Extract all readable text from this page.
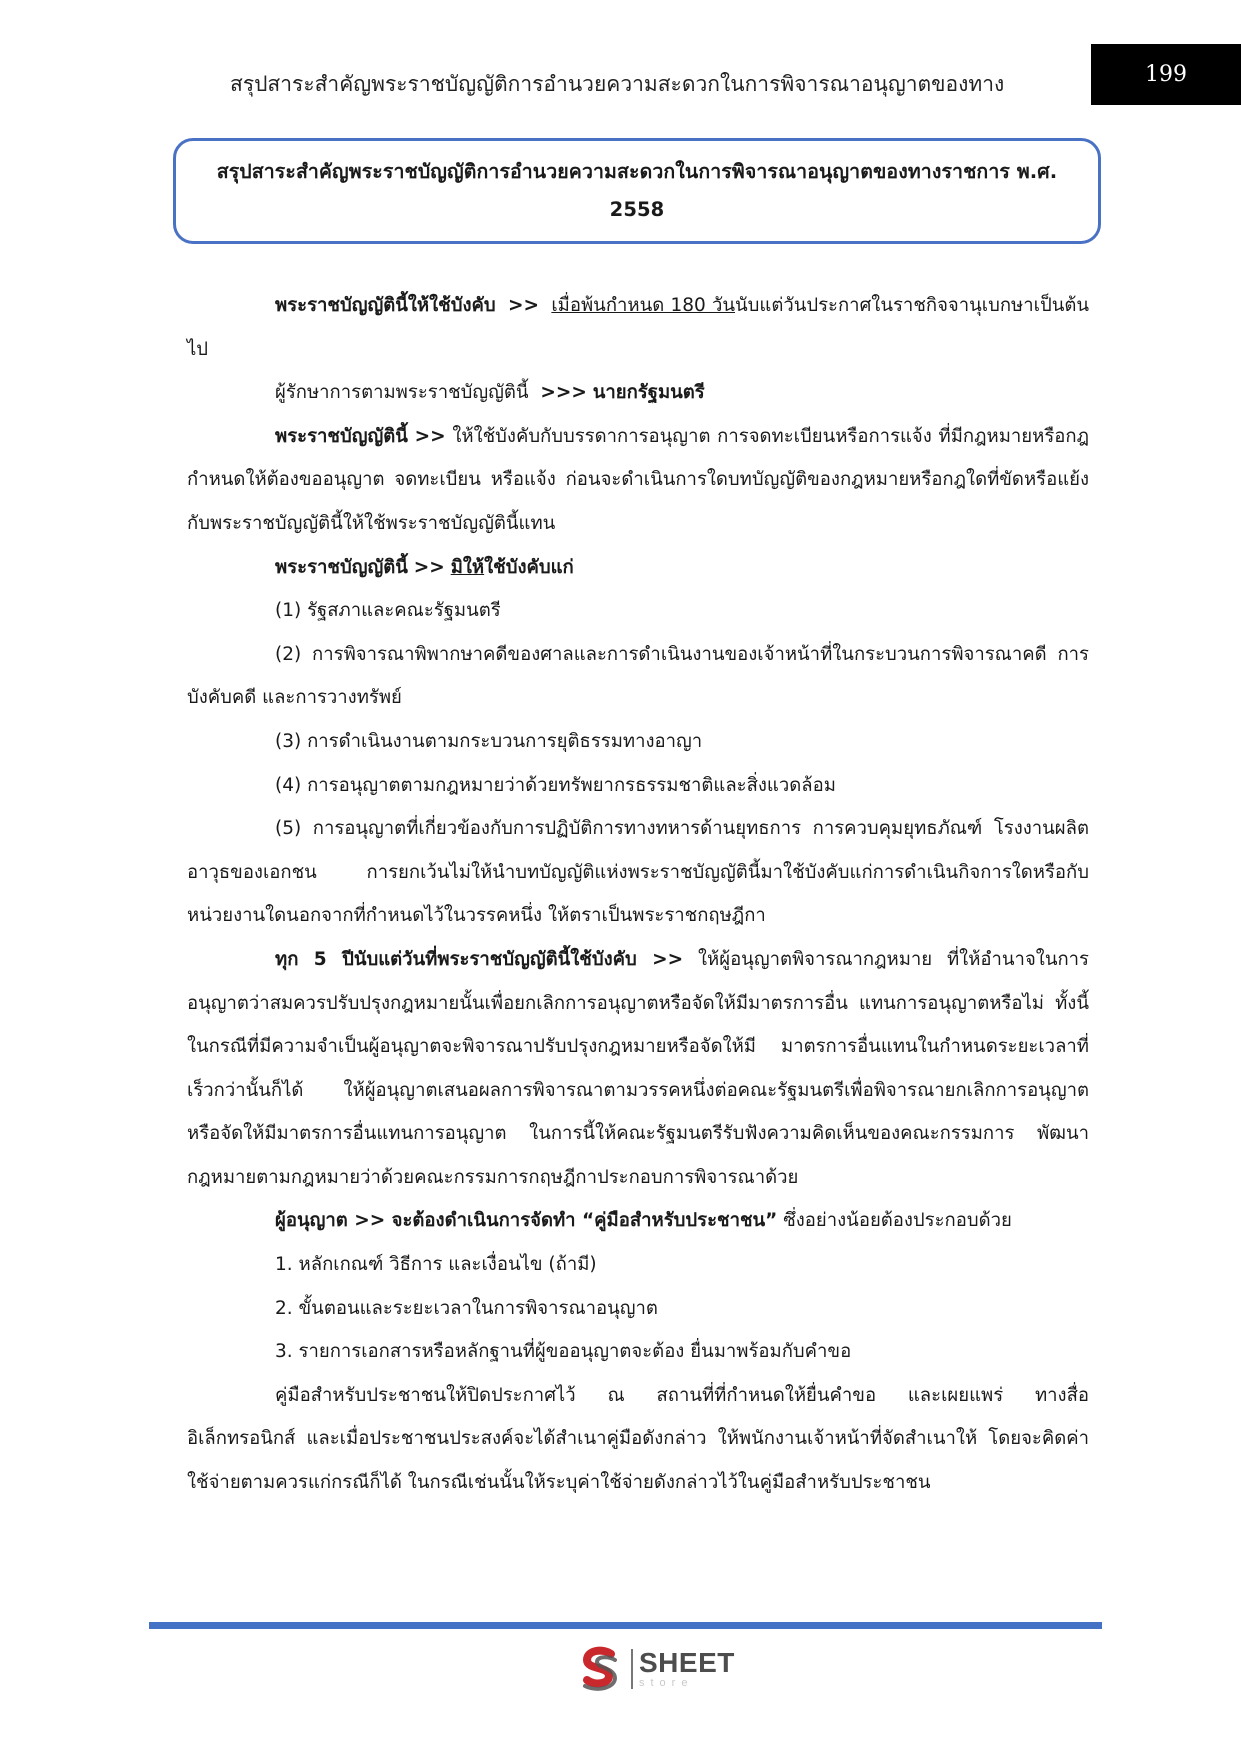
สรุปสาระสำคัญพระราชบัญญัติการอำนวยความสะดวกในการพิจารณาอนุญาตของทาง	199

สรุปสาระสำคัญพระราชบัญญัติการอำนวยความสะดวกในการพิจารณาอนุญาตของทางราชการ พ.ศ.
2558

พระราชบัญญัตินี้ให้ใช้บังคับ >> เมื่อพ้นกำหนด 180 วันนับแต่วันประกาศในราชกิจจานุเบกษาเป็นต้นไป

ผู้รักษาการตามพระราชบัญญัตินี้ >>> นายกรัฐมนตรี

พระราชบัญญัตินี้ >> ให้ใช้บังคับกับบรรดาการอนุญาต การจดทะเบียนหรือการแจ้ง ที่มีกฎหมายหรือกฎกำหนดให้ต้องขออนุญาต จดทะเบียน หรือแจ้ง ก่อนจะดำเนินการใดบทบัญญัติของกฎหมายหรือกฎใดที่ขัดหรือแย้งกับพระราชบัญญัตินี้ให้ใช้พระราชบัญญัตินี้แทน

พระราชบัญญัตินี้ >> มิให้ใช้บังคับแก่

(1) รัฐสภาและคณะรัฐมนตรี

(2) การพิจารณาพิพากษาคดีของศาลและการดำเนินงานของเจ้าหน้าที่ในกระบวนการพิจารณาคดี การบังคับคดี และการวางทรัพย์

(3) การดำเนินงานตามกระบวนการยุติธรรมทางอาญา

(4) การอนุญาตตามกฎหมายว่าด้วยทรัพยากรธรรมชาติและสิ่งแวดล้อม

(5) การอนุญาตที่เกี่ยวข้องกับการปฏิบัติการทางทหารด้านยุทธการ การควบคุมยุทธภัณฑ์ โรงงานผลิตอาวุธของเอกชน การยกเว้นไม่ให้นำบทบัญญัติแห่งพระราชบัญญัตินี้มาใช้บังคับแก่การดำเนินกิจการใดหรือกับ หน่วยงานใดนอกจากที่กำหนดไว้ในวรรคหนึ่ง ให้ตราเป็นพระราชกฤษฎีกา

ทุก 5 ปีนับแต่วันที่พระราชบัญญัตินี้ใช้บังคับ >> ให้ผู้อนุญาตพิจารณากฎหมาย ที่ให้อำนาจในการอนุญาตว่าสมควรปรับปรุงกฎหมายนั้นเพื่อยกเลิกการอนุญาตหรือจัดให้มีมาตรการอื่น แทนการอนุญาตหรือไม่ ทั้งนี้ ในกรณีที่มีความจำเป็นผู้อนุญาตจะพิจารณาปรับปรุงกฎหมายหรือจัดให้มี มาตรการอื่นแทนในกำหนดระยะเวลาที่เร็วกว่านั้นก็ได้ ให้ผู้อนุญาตเสนอผลการพิจารณาตามวรรคหนึ่งต่อคณะรัฐมนตรีเพื่อพิจารณายกเลิกการอนุญาต หรือจัดให้มีมาตรการอื่นแทนการอนุญาต ในการนี้ให้คณะรัฐมนตรีรับฟังความคิดเห็นของคณะกรรมการ พัฒนากฎหมายตามกฎหมายว่าด้วยคณะกรรมการกฤษฎีกาประกอบการพิจารณาด้วย

ผู้อนุญาต >> จะต้องดำเนินการจัดทำ “คู่มือสำหรับประชาชน” ซึ่งอย่างน้อยต้องประกอบด้วย

1. หลักเกณฑ์ วิธีการ และเงื่อนไข (ถ้ามี)

2. ขั้นตอนและระยะเวลาในการพิจารณาอนุญาต

3. รายการเอกสารหรือหลักฐานที่ผู้ขออนุญาตจะต้อง ยื่นมาพร้อมกับคำขอ

คู่มือสำหรับประชาชนให้ปิดประกาศไว้ ณ สถานที่ที่กำหนดให้ยื่นคำขอ และเผยแพร่ ทางสื่ออิเล็กทรอนิกส์ และเมื่อประชาชนประสงค์จะได้สำเนาคู่มือดังกล่าว ให้พนักงานเจ้าหน้าที่จัดสำเนาให้ โดยจะคิดค่าใช้จ่ายตามควรแก่กรณีก็ได้ ในกรณีเช่นนั้นให้ระบุค่าใช้จ่ายดังกล่าวไว้ในคู่มือสำหรับประชาชน

SHEET
store
